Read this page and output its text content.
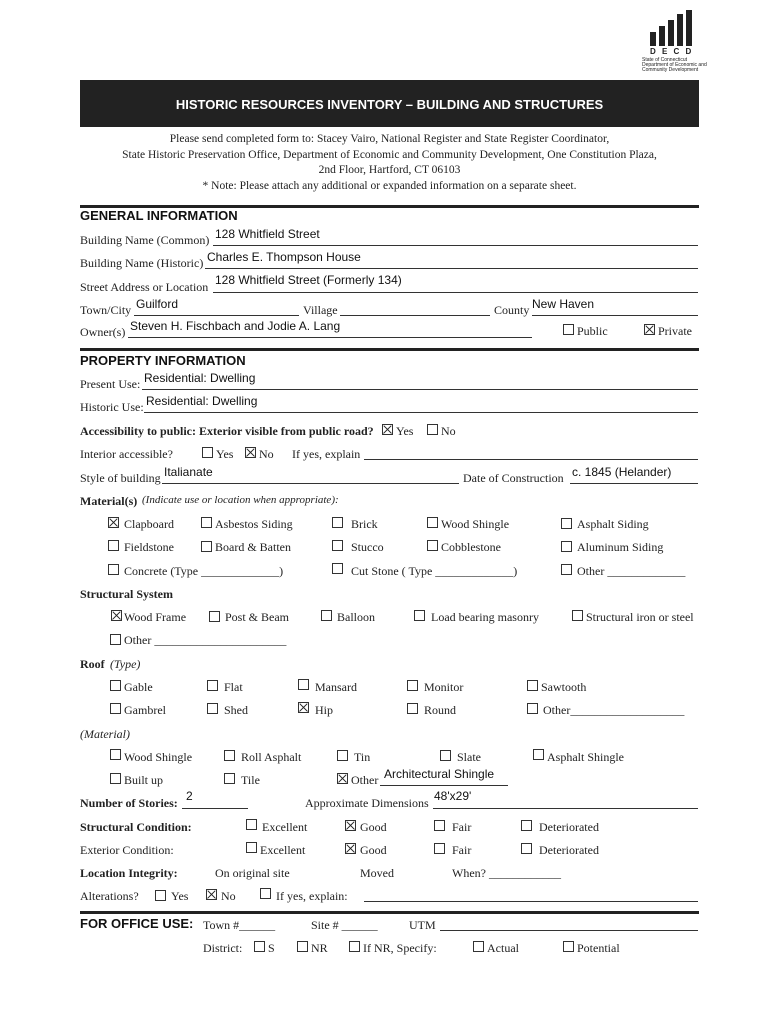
D E C D
State of Connecticut
Department of Economic and
Community Development
HISTORIC RESOURCES INVENTORY – BUILDING AND STRUCTURES
Please send completed form to: Stacey Vairo, National Register and State Register Coordinator,
State Historic Preservation Office, Department of Economic and Community Development, One Constitution Plaza,
2nd Floor, Hartford, CT 06103
* Note: Please attach any additional or expanded information on a separate sheet.
GENERAL INFORMATION
Building Name (Common) 128 Whitfield Street
Building Name (Historic) Charles E. Thompson House
Street Address or Location 128 Whitfield Street (Formerly 134)
Town/City Guilford	Village	County New Haven
Owner(s) Steven H. Fischbach and Jodie A. Lang	Public	Private
PROPERTY INFORMATION
Present Use: Residential: Dwelling
Historic Use: Residential: Dwelling
Accessibility to public: Exterior visible from public road? Yes No
Interior accessible?	Yes No If yes, explain
Style of building Italianate	Date of Construction c. 1845 (Helander)
Material(s) (Indicate use or location when appropriate):
Clapboard	Asbestos Siding	Brick	Wood Shingle	Asphalt Siding
Fieldstone	Board & Batten	Stucco	Cobblestone	Aluminum Siding
Concrete (Type _____________)	Cut Stone ( Type _____________)	Other _____________
Structural System
Wood Frame	Post & Beam	Balloon	Load bearing masonry	Structural iron or steel
Other ______________________
Roof (Type)
Gable	Flat	Mansard	Monitor	Sawtooth
Gambrel	Shed	Hip	Round	Other___________________
(Material)
Wood Shingle	Roll Asphalt	Tin	Slate	Asphalt Shingle
Built up	Tile	Other Architectural Shingle
Number of Stories: 2	Approximate Dimensions 48'x29'
Structural Condition:	Excellent	Good	Fair	Deteriorated
Exterior Condition:	Excellent	Good	Fair	Deteriorated
Location Integrity:	On original site	Moved	When? ____________
Alterations?	Yes	No	If yes, explain:
FOR OFFICE USE: Town #______	Site # ______	UTM
District: S	NR	If NR, Specify:	Actual	Potential
